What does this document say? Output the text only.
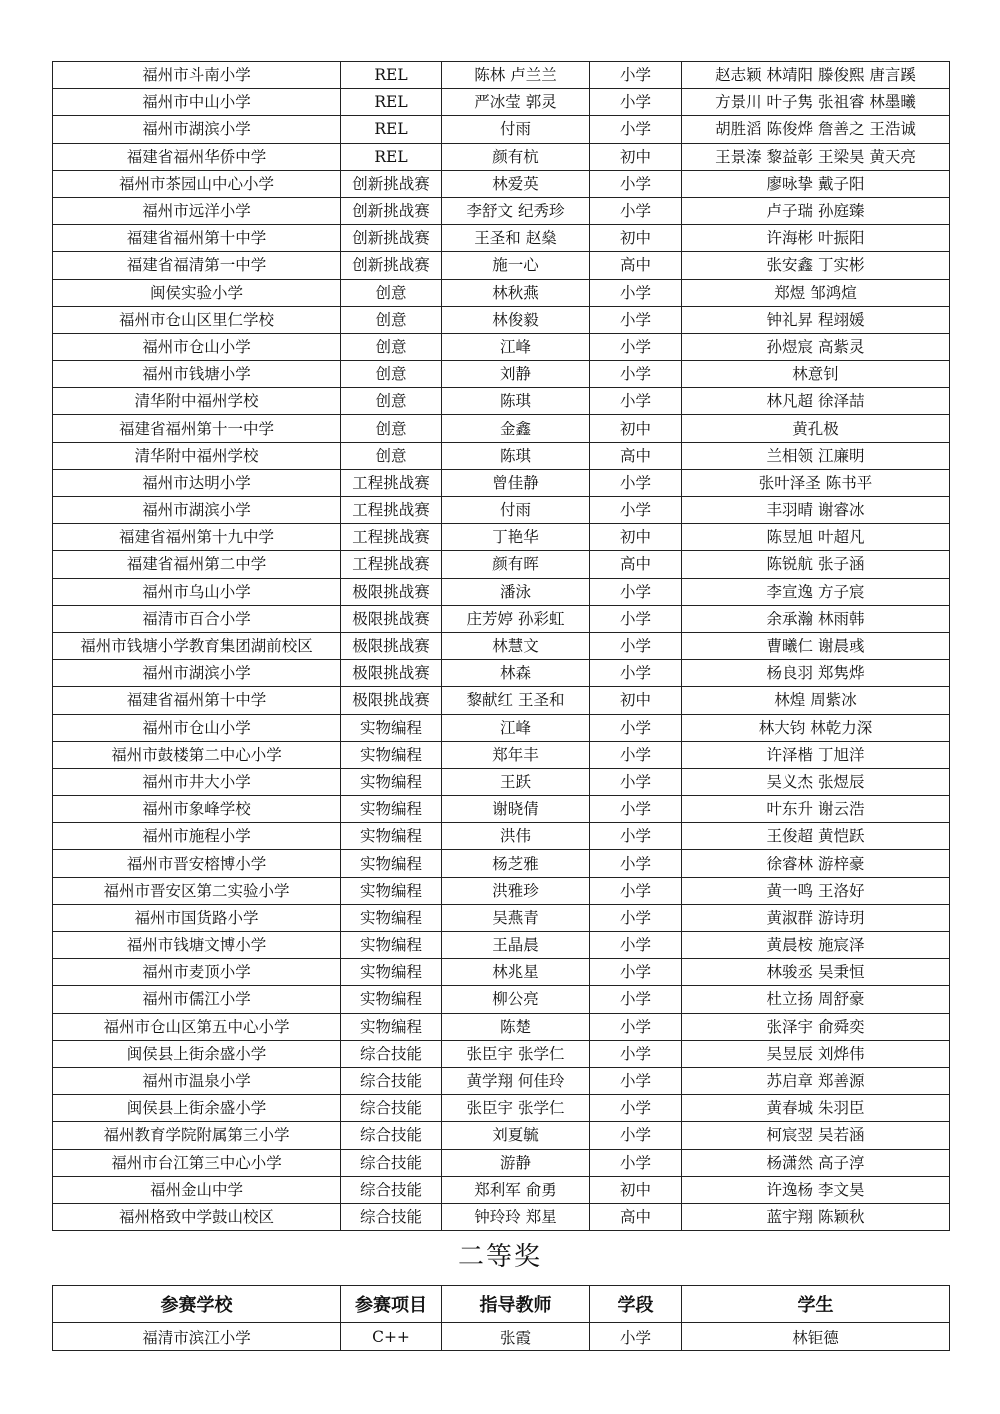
福州市斗南小学	REL	陈林 卢兰兰	小学	赵志颖 林靖阳 滕俊熙 唐言蹊
福州市中山小学	REL	严冰莹 郭灵	小学	方景川 叶子隽 张祖睿 林墨曦
福州市湖滨小学	REL	付雨	小学	胡胜滔 陈俊烨 詹善之 王浩诚
福建省福州华侨中学	REL	颜有杭	初中	王景溱 黎益彰 王梁昊 黄天亮
福州市茶园山中心小学	创新挑战赛	林爱英	小学	廖咏挚 戴子阳
福州市远洋小学	创新挑战赛	李舒文 纪秀珍	小学	卢子瑞 孙庭臻
福建省福州第十中学	创新挑战赛	王圣和 赵燊	初中	许海彬 叶振阳
福建省福清第一中学	创新挑战赛	施一心	高中	张安鑫 丁实彬
闽侯实验小学	创意	林秋燕	小学	郑煜 邹鸿煊
福州市仓山区里仁学校	创意	林俊毅	小学	钟礼昇 程翊媛
福州市仓山小学	创意	江峰	小学	孙煜宸 高紫灵
福州市钱塘小学	创意	刘静	小学	林意钊
清华附中福州学校	创意	陈琪	小学	林凡超 徐泽喆
福建省福州第十一中学	创意	金鑫	初中	黄孔极
清华附中福州学校	创意	陈琪	高中	兰相领 江廉明
福州市达明小学	工程挑战赛	曾佳静	小学	张叶泽圣 陈书平
福州市湖滨小学	工程挑战赛	付雨	小学	丰羽晴 谢睿冰
福建省福州第十九中学	工程挑战赛	丁艳华	初中	陈昱旭 叶超凡
福建省福州第二中学	工程挑战赛	颜有晖	高中	陈锐航 张子涵
福州市乌山小学	极限挑战赛	潘泳	小学	李宣逸 方子宸
福清市百合小学	极限挑战赛	庄芳婷 孙彩虹	小学	余承瀚 林雨韩
福州市钱塘小学教育集团湖前校区	极限挑战赛	林慧文	小学	曹曦仁 谢晨彧
福州市湖滨小学	极限挑战赛	林森	小学	杨良羽 郑隽烨
福建省福州第十中学	极限挑战赛	黎献红 王圣和	初中	林煌 周紫冰
福州市仓山小学	实物编程	江峰	小学	林大钧 林乾力深
福州市鼓楼第二中心小学	实物编程	郑年丰	小学	许泽楷 丁旭洋
福州市井大小学	实物编程	王跃	小学	吴义杰 张煜辰
福州市象峰学校	实物编程	谢晓倩	小学	叶东升 谢云浩
福州市施程小学	实物编程	洪伟	小学	王俊超 黄恺跃
福州市晋安榕博小学	实物编程	杨芝雅	小学	徐睿林 游梓豪
福州市晋安区第二实验小学	实物编程	洪雅珍	小学	黄一鸣 王洛好
福州市国货路小学	实物编程	吴燕青	小学	黄淑群 游诗玥
福州市钱塘文博小学	实物编程	王晶晨	小学	黄晨桉 施宸泽
福州市麦顶小学	实物编程	林兆星	小学	林骏丞 吴秉恒
福州市儒江小学	实物编程	柳公亮	小学	杜立扬 周舒豪
福州市仓山区第五中心小学	实物编程	陈楚	小学	张泽宇 俞舜奕
闽侯县上街余盛小学	综合技能	张臣宇 张学仁	小学	吴昱辰 刘烨伟
福州市温泉小学	综合技能	黄学翔 何佳玲	小学	苏启章 郑善源
闽侯县上街余盛小学	综合技能	张臣宇 张学仁	小学	黄春城 朱羽臣
福州教育学院附属第三小学	综合技能	刘夏毓	小学	柯宸翌 吴若涵
福州市台江第三中心小学	综合技能	游静	小学	杨潇然 高子淳
福州金山中学	综合技能	郑利军 俞勇	初中	许逸杨 李文昊
福州格致中学鼓山校区	综合技能	钟玲玲 郑星	高中	蓝宇翔 陈颖秋
二等奖
参赛学校	参赛项目	指导教师	学段	学生
福清市滨江小学	C++	张霞	小学	林钜德
